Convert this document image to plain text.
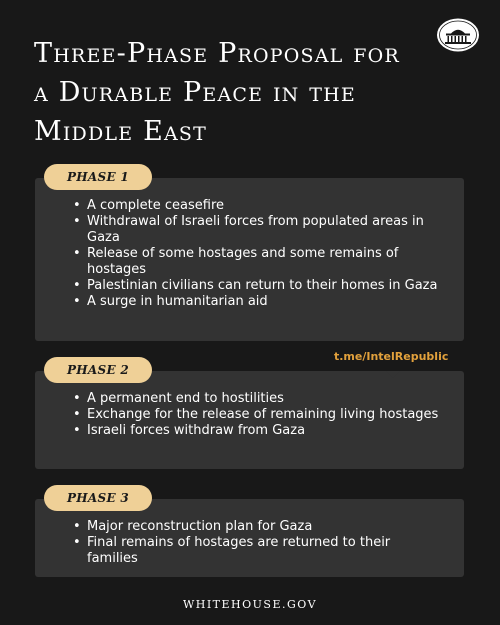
Three-Phase Proposal for a Durable Peace in the Middle East
• A complete ceasefire
• Withdrawal of Israeli forces from populated areas in Gaza
• Release of some hostages and some remains of hostages
• Palestinian civilians can return to their homes in Gaza
• A surge in humanitarian aid
PHASE 1
• A permanent end to hostilities
• Exchange for the release of remaining living hostages
• Israeli forces withdraw from Gaza
PHASE 2
t.me/IntelRepublic
• Major reconstruction plan for Gaza
• Final remains of hostages are returned to their families
PHASE 3
WHITEHOUSE.GOV
